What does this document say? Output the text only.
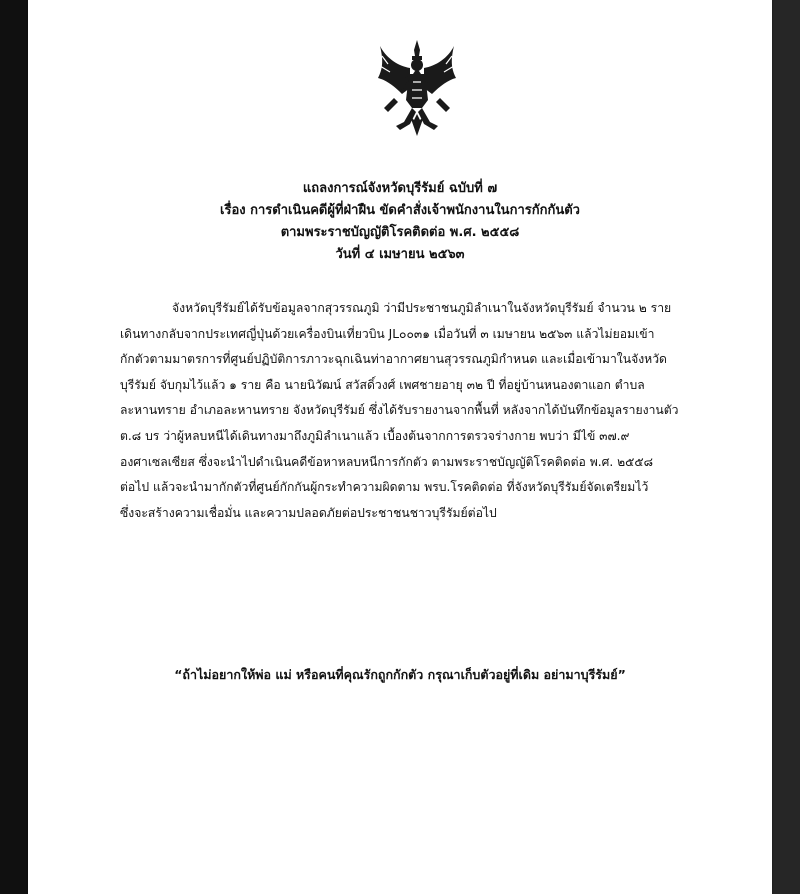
แถลงการณ์จังหวัดบุรีรัมย์ ฉบับที่ ๗
เรื่อง การดำเนินคดีผู้ที่ฝ่าฝืน ขัดคำสั่งเจ้าพนักงานในการกักกันตัว
ตามพระราชบัญญัติโรคติดต่อ พ.ศ. ๒๕๕๘
วันที่ ๔ เมษายน ๒๕๖๓
จังหวัดบุรีรัมย์ได้รับข้อมูลจากสุวรรณภูมิ ว่ามีประชาชนภูมิลำเนาในจังหวัดบุรีรัมย์ จำนวน ๒ ราย
เดินทางกลับจากประเทศญี่ปุ่นด้วยเครื่องบินเที่ยวบิน JL๐๐๓๑ เมื่อวันที่ ๓ เมษายน ๒๕๖๓ แล้วไม่ยอมเข้า
กักตัวตามมาตรการที่ศูนย์ปฏิบัติการภาวะฉุกเฉินท่าอากาศยานสุวรรณภูมิกำหนด และเมื่อเข้ามาในจังหวัด
บุรีรัมย์ จับกุมไว้แล้ว ๑ ราย คือ นายนิวัฒน์ สวัสดิ์วงศ์ เพศชายอายุ ๓๒ ปี ที่อยู่บ้านหนองตาแอก ตำบล
ละหานทราย อำเภอละหานทราย จังหวัดบุรีรัมย์ ซึ่งได้รับรายงานจากพื้นที่ หลังจากได้บันทึกข้อมูลรายงานตัว
ต.๘ บร ว่าผู้หลบหนีได้เดินทางมาถึงภูมิลำเนาแล้ว เบื้องต้นจากการตรวจร่างกาย พบว่า มีไข้ ๓๗.๙
องศาเซลเซียส ซึ่งจะนำไปดำเนินคดีข้อหาหลบหนีการกักตัว ตามพระราชบัญญัติโรคติดต่อ พ.ศ. ๒๕๕๘
ต่อไป แล้วจะนำมากักตัวที่ศูนย์กักกันผู้กระทำความผิดตาม พรบ.โรคติดต่อ ที่จังหวัดบุรีรัมย์จัดเตรียมไว้
ซึ่งจะสร้างความเชื่อมั่น และความปลอดภัยต่อประชาชนชาวบุรีรัมย์ต่อไป
“ถ้าไม่อยากให้พ่อ แม่ หรือคนที่คุณรักถูกกักตัว กรุณาเก็บตัวอยู่ที่เดิม อย่ามาบุรีรัมย์”
